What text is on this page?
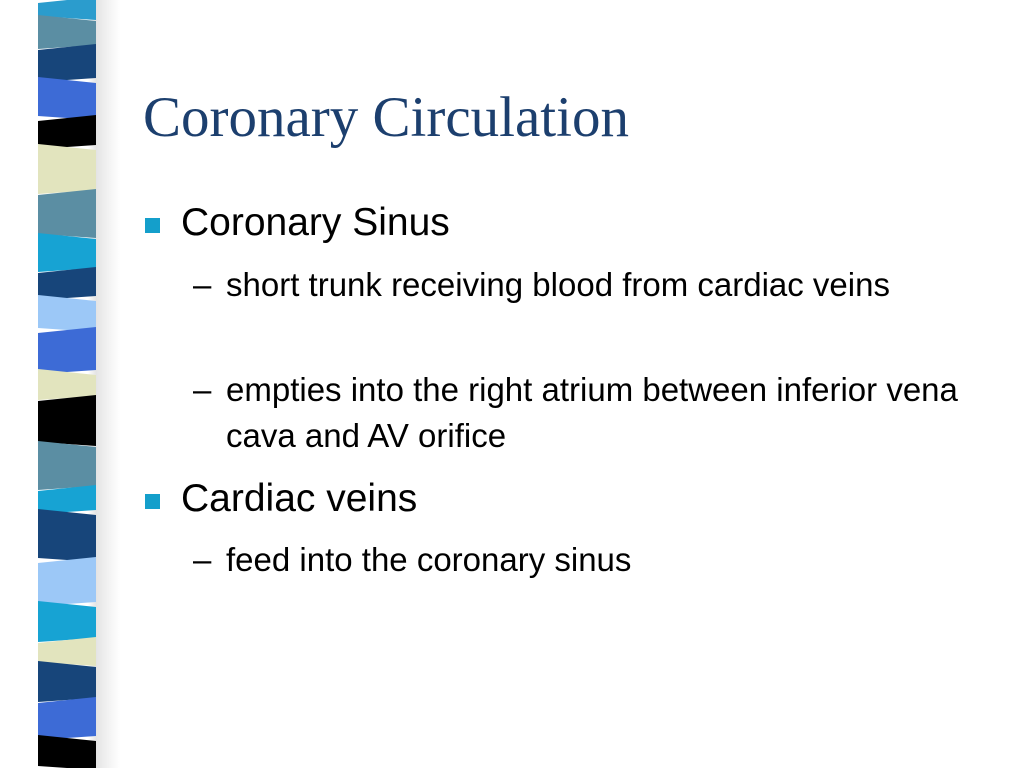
Coronary Circulation
Coronary Sinus
– short trunk receiving blood from cardiac veins
– empties into the right atrium between inferior vena cava and AV orifice
Cardiac veins
– feed into the coronary sinus
